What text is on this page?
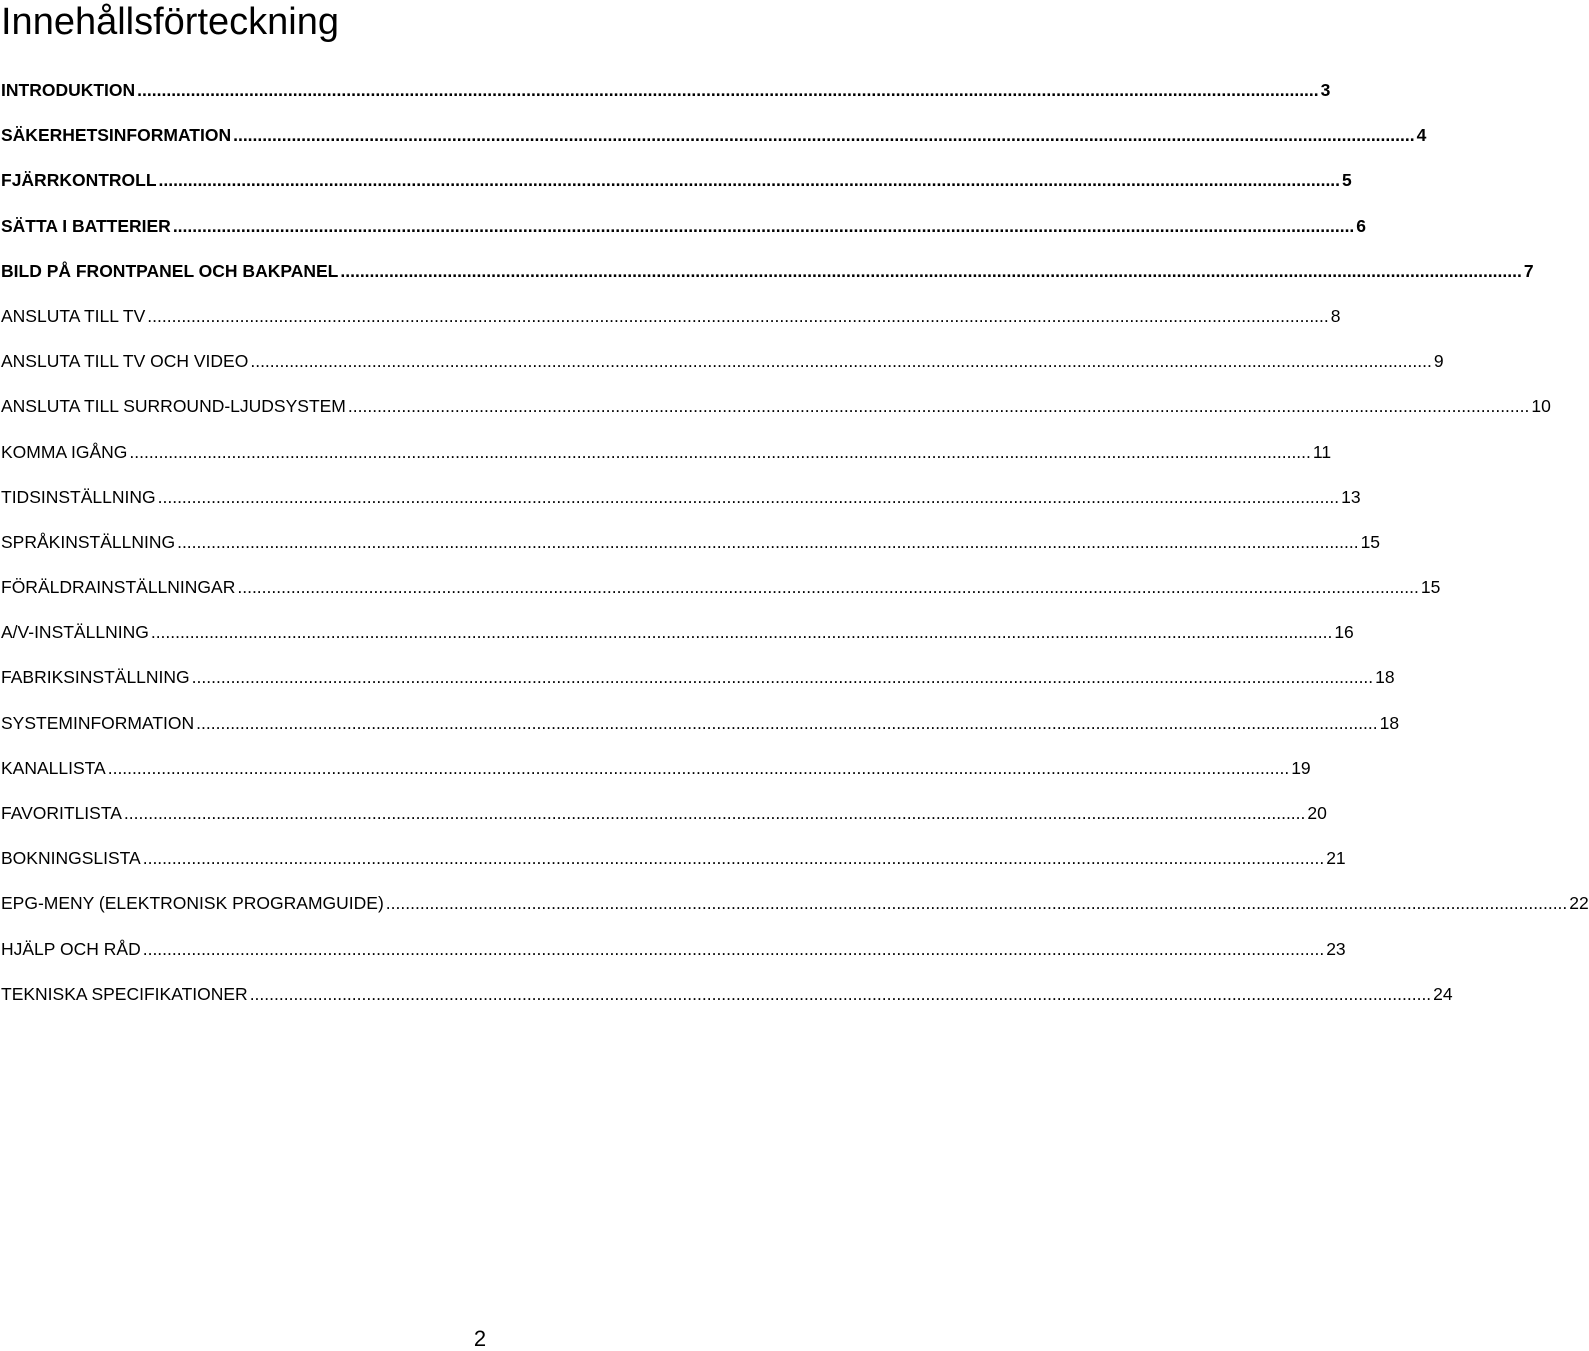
Innehållsförteckning
INTRODUKTION ................................................................................................................................................................................................................................................... 3
SÄKERHETSINFORMATION ................................................................................................................................................................................................................................................... 4
FJÄRRKONTROLL ................................................................................................................................................................................................................................................... 5
SÄTTA I BATTERIER ................................................................................................................................................................................................................................................... 6
BILD PÅ FRONTPANEL OCH BAKPANEL ................................................................................................................................................................................................................................................... 7
ANSLUTA TILL TV ................................................................................................................................................................................................................................................... 8
ANSLUTA TILL TV OCH VIDEO ................................................................................................................................................................................................................................................... 9
ANSLUTA TILL SURROUND-LJUDSYSTEM ................................................................................................................................................................................................................................................... 10
KOMMA IGÅNG ................................................................................................................................................................................................................................................... 11
TIDSINSTÄLLNING ................................................................................................................................................................................................................................................... 13
SPRÅKINSTÄLLNING ................................................................................................................................................................................................................................................... 15
FÖRÄLDRAINSTÄLLNINGAR ................................................................................................................................................................................................................................................... 15
A/V-INSTÄLLNING ................................................................................................................................................................................................................................................... 16
FABRIKSINSTÄLLNING ................................................................................................................................................................................................................................................... 18
SYSTEMINFORMATION ................................................................................................................................................................................................................................................... 18
KANALLISTA ................................................................................................................................................................................................................................................... 19
FAVORITLISTA ................................................................................................................................................................................................................................................... 20
BOKNINGSLISTA ................................................................................................................................................................................................................................................... 21
EPG-MENY (ELEKTRONISK PROGRAMGUIDE) ................................................................................................................................................................................................................................................... 22
HJÄLP OCH RÅD ................................................................................................................................................................................................................................................... 23
TEKNISKA SPECIFIKATIONER ................................................................................................................................................................................................................................................... 24
2
